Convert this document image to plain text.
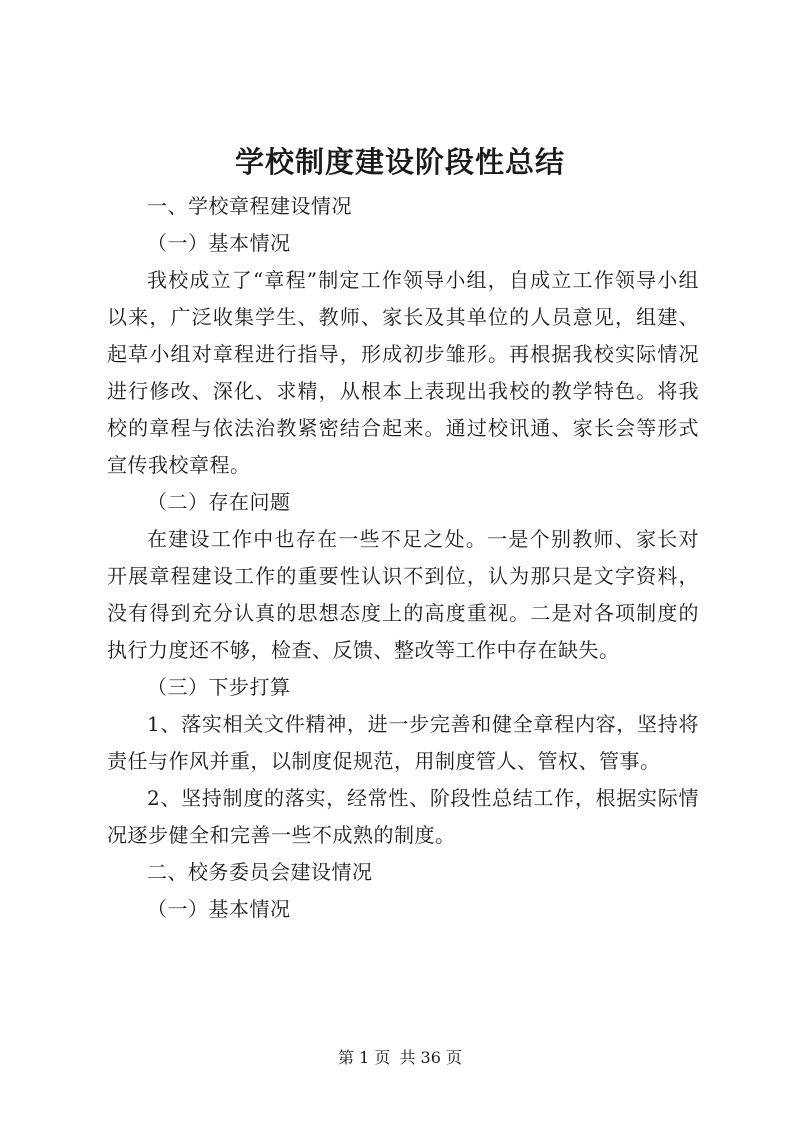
学校制度建设阶段性总结

一、学校章程建设情况

（一）基本情况

我校成立了“章程”制定工作领导小组，自成立工作领导小组以来，广泛收集学生、教师、家长及其单位的人员意见，组建、起草小组对章程进行指导，形成初步雏形。再根据我校实际情况进行修改、深化、求精，从根本上表现出我校的教学特色。将我校的章程与依法治教紧密结合起来。通过校讯通、家长会等形式宣传我校章程。

（二）存在问题

在建设工作中也存在一些不足之处。一是个别教师、家长对开展章程建设工作的重要性认识不到位，认为那只是文字资料，没有得到充分认真的思想态度上的高度重视。二是对各项制度的执行力度还不够，检查、反馈、整改等工作中存在缺失。

（三）下步打算

1、落实相关文件精神，进一步完善和健全章程内容，坚持将责任与作风并重，以制度促规范，用制度管人、管权、管事。

2、坚持制度的落实，经常性、阶段性总结工作，根据实际情况逐步健全和完善一些不成熟的制度。

二、校务委员会建设情况

（一）基本情况

第 1 页 共 36 页
